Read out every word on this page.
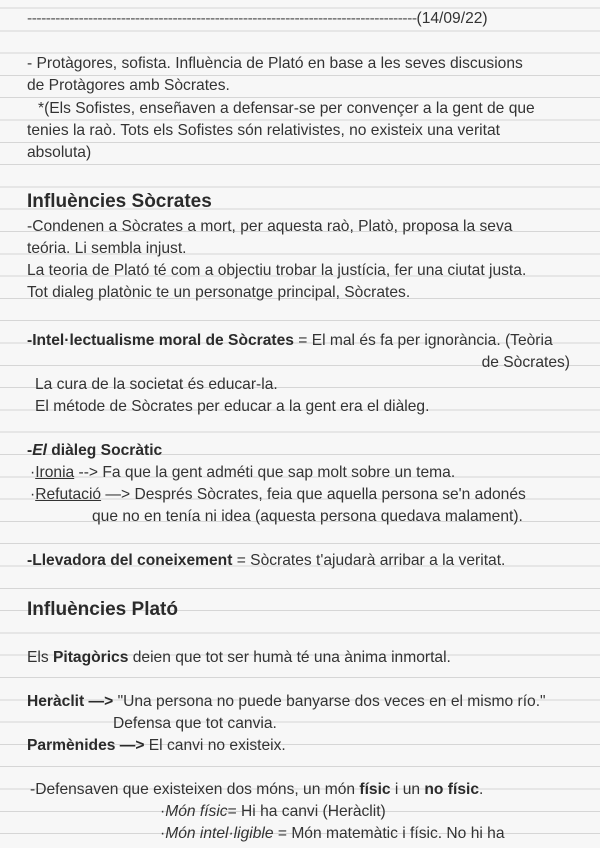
-----------------------------------------------------------------------------------(14/09/22)
- Protàgores, sofista. Influència de Plató en base a les seves discusions
de Protàgores amb Sòcrates.
*(Els Sofistes, enseñaven a defensar-se per convençer a la gent de que
tenies la raò. Tots els Sofistes són relativistes, no existeix una veritat
absoluta)
Influències Sòcrates
-Condenen a Sòcrates a mort, per aquesta raò, Platò, proposa la seva
teória. Li sembla injust.
La teoria de Plató té com a objectiu trobar la justícia, fer una ciutat justa.
Tot dialeg platònic te un personatge principal, Sòcrates.
-Intel·lectualisme moral de Sòcrates = El mal és fa per ignorància. (Teòria
de Sòcrates)
La cura de la societat és educar-la.
El métode de Sòcrates per educar a la gent era el diàleg.
-El diàleg Socràtic
·Ironia --> Fa que la gent adméti que sap molt sobre un tema.
·Refutació —> Després Sòcrates, feia que aquella persona se'n adonés
que no en tenía ni idea (aquesta persona quedava malament).
-Llevadora del coneixement = Sòcrates t'ajudarà arribar a la veritat.
Influències Plató
Els Pitagòrics deien que tot ser humà té una ànima inmortal.
Heràclit —> "Una persona no puede banyarse dos veces en el mismo río."
Defensa que tot canvia.
Parmènides —> El canvi no existeix.
-Defensaven que existeixen dos móns, un món físic i un no físic.
·Món físic= Hi ha canvi (Heràclit)
·Món intel·ligible = Món matemàtic i físic. No hi ha
